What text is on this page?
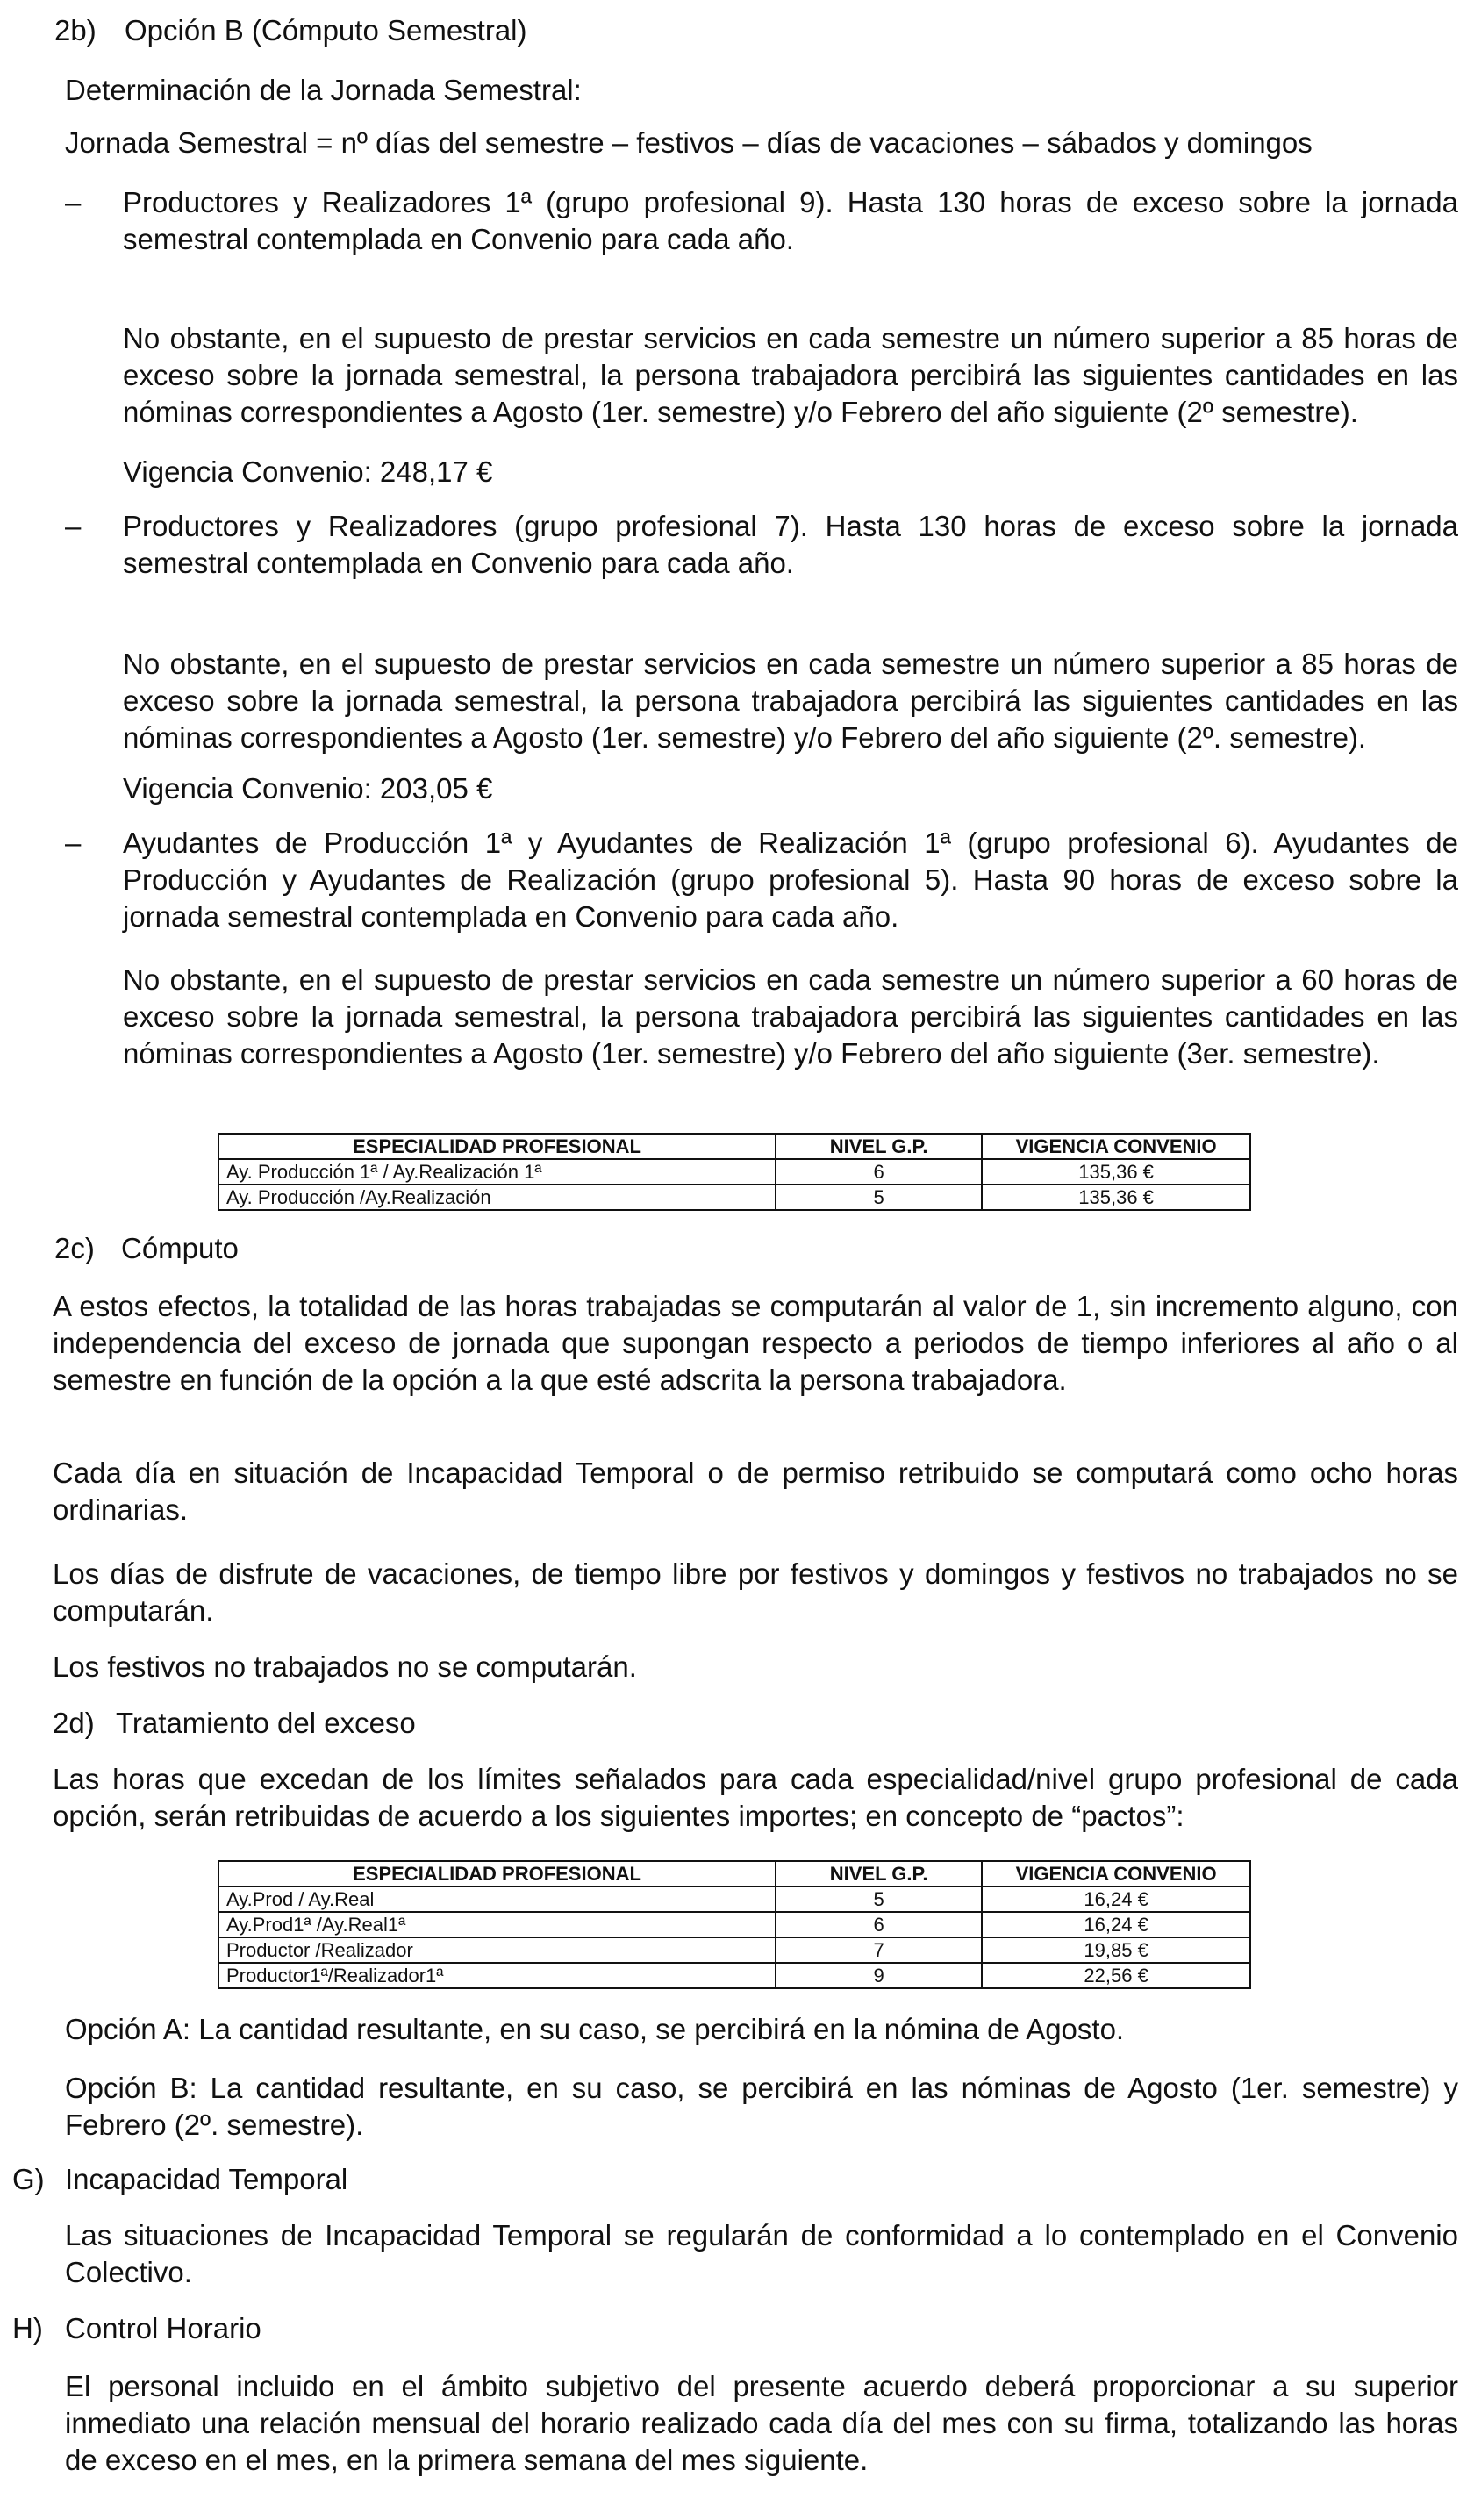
2b) Opción B (Cómputo Semestral)
Determinación de la Jornada Semestral:
Jornada Semestral = nº días del semestre – festivos – días de vacaciones – sábados y domingos
– Productores y Realizadores 1ª (grupo profesional 9). Hasta 130 horas de exceso sobre la jornada semestral contemplada en Convenio para cada año.
No obstante, en el supuesto de prestar servicios en cada semestre un número superior a 85 horas de exceso sobre la jornada semestral, la persona trabajadora percibirá las siguientes cantidades en las nóminas correspondientes a Agosto (1er. semestre) y/o Febrero del año siguiente (2º semestre).
Vigencia Convenio: 248,17 €
– Productores y Realizadores (grupo profesional 7). Hasta 130 horas de exceso sobre la jornada semestral contemplada en Convenio para cada año.
No obstante, en el supuesto de prestar servicios en cada semestre un número superior a 85 horas de exceso sobre la jornada semestral, la persona trabajadora percibirá las siguientes cantidades en las nóminas correspondientes a Agosto (1er. semestre) y/o Febrero del año siguiente (2º. semestre).
Vigencia Convenio: 203,05 €
– Ayudantes de Producción 1ª y Ayudantes de Realización 1ª (grupo profesional 6). Ayudantes de Producción y Ayudantes de Realización (grupo profesional 5). Hasta 90 horas de exceso sobre la jornada semestral contemplada en Convenio para cada año.
No obstante, en el supuesto de prestar servicios en cada semestre un número superior a 60 horas de exceso sobre la jornada semestral, la persona trabajadora percibirá las siguientes cantidades en las nóminas correspondientes a Agosto (1er. semestre) y/o Febrero del año siguiente (3er. semestre).
ESPECIALIDAD PROFESIONAL	NIVEL G.P.	VIGENCIA CONVENIO
Ay. Producción 1ª / Ay.Realización 1ª	6	135,36 €
Ay. Producción /Ay.Realización	5	135,36 €
2c) Cómputo
A estos efectos, la totalidad de las horas trabajadas se computarán al valor de 1, sin incremento alguno, con independencia del exceso de jornada que supongan respecto a periodos de tiempo inferiores al año o al semestre en función de la opción a la que esté adscrita la persona trabajadora.
Cada día en situación de Incapacidad Temporal o de permiso retribuido se computará como ocho horas ordinarias.
Los días de disfrute de vacaciones, de tiempo libre por festivos y domingos y festivos no trabajados no se computarán.
Los festivos no trabajados no se computarán.
2d) Tratamiento del exceso
Las horas que excedan de los límites señalados para cada especialidad/nivel grupo profesional de cada opción, serán retribuidas de acuerdo a los siguientes importes; en concepto de “pactos”:
ESPECIALIDAD PROFESIONAL	NIVEL G.P.	VIGENCIA CONVENIO
Ay.Prod / Ay.Real	5	16,24 €
Ay.Prod1ª /Ay.Real1ª	6	16,24 €
Productor /Realizador	7	19,85 €
Productor1ª/Realizador1ª	9	22,56 €
Opción A: La cantidad resultante, en su caso, se percibirá en la nómina de Agosto.
Opción B: La cantidad resultante, en su caso, se percibirá en las nóminas de Agosto (1er. semestre) y Febrero (2º. semestre).
G) Incapacidad Temporal
Las situaciones de Incapacidad Temporal se regularán de conformidad a lo contemplado en el Convenio Colectivo.
H) Control Horario
El personal incluido en el ámbito subjetivo del presente acuerdo deberá proporcionar a su superior inmediato una relación mensual del horario realizado cada día del mes con su firma, totalizando las horas de exceso en el mes, en la primera semana del mes siguiente.
